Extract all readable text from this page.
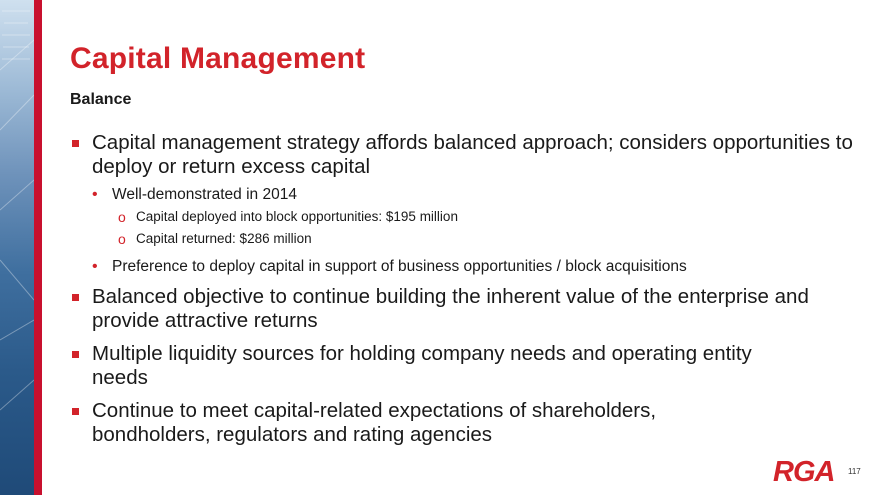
Capital Management
Balance
Capital management strategy affords balanced approach; considers opportunities to deploy or return excess capital
• Well-demonstrated in 2014
o Capital deployed into block opportunities: $195 million
o Capital returned: $286 million
• Preference to deploy capital in support of business opportunities / block acquisitions
Balanced objective to continue building the inherent value of the enterprise and provide attractive returns
Multiple liquidity sources for holding company needs and operating entity needs
Continue to meet capital-related expectations of shareholders, bondholders, regulators and rating agencies
RGA 117
